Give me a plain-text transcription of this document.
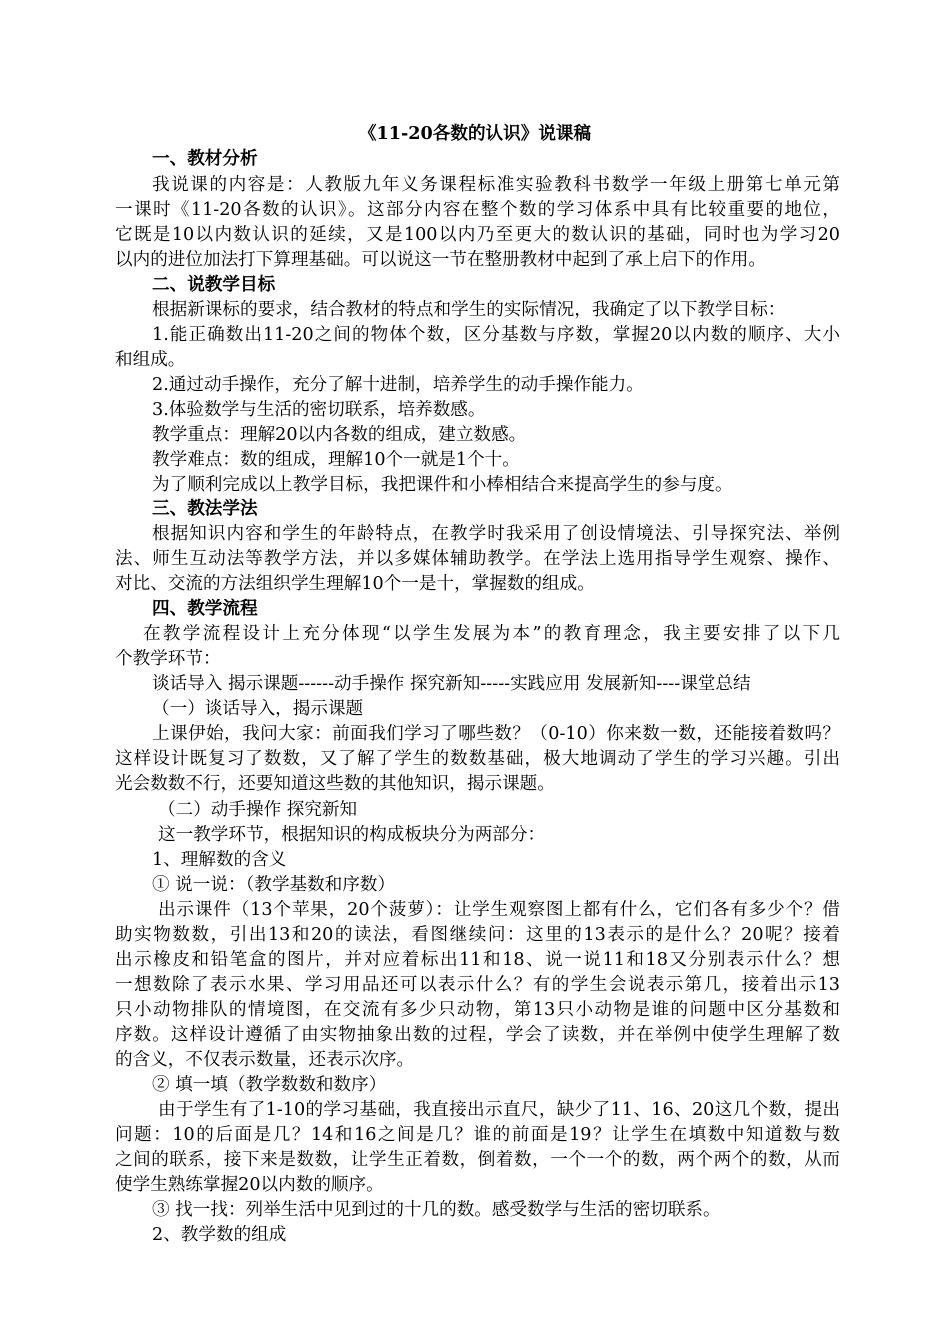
《11-20各数的认识》说课稿
一、教材分析
我说课的内容是：人教版九年义务课程标准实验教科书数学一年级上册第七单元第
一课时《11-20各数的认识》。这部分内容在整个数的学习体系中具有比较重要的地位，
它既是10以内数认识的延续，又是100以内乃至更大的数认识的基础，同时也为学习20
以内的进位加法打下算理基础。可以说这一节在整册教材中起到了承上启下的作用。
二、说教学目标
根据新课标的要求，结合教材的特点和学生的实际情况，我确定了以下教学目标：
1.能正确数出11-20之间的物体个数，区分基数与序数，掌握20以内数的顺序、大小
和组成。
2.通过动手操作，充分了解十进制，培养学生的动手操作能力。
3.体验数学与生活的密切联系，培养数感。
教学重点：理解20以内各数的组成，建立数感。
教学难点：数的组成，理解10个一就是1个十。
为了顺利完成以上教学目标，我把课件和小棒相结合来提高学生的参与度。
三、教法学法
根据知识内容和学生的年龄特点，在教学时我采用了创设情境法、引导探究法、举例
法、师生互动法等教学方法，并以多媒体辅助教学。在学法上选用指导学生观察、操作、
对比、交流的方法组织学生理解10个一是十，掌握数的组成。
四、教学流程
在教学流程设计上充分体现“以学生发展为本”的教育理念，我主要安排了以下几
个教学环节：
谈话导入 揭示课题------动手操作 探究新知-----实践应用 发展新知----课堂总结
（一）谈话导入，揭示课题
上课伊始，我问大家：前面我们学习了哪些数？（0-10）你来数一数，还能接着数吗？
这样设计既复习了数数，又了解了学生的数数基础，极大地调动了学生的学习兴趣。引出
光会数数不行，还要知道这些数的其他知识，揭示课题。
（二）动手操作 探究新知
这一教学环节，根据知识的构成板块分为两部分：
1、理解数的含义
① 说一说：（教学基数和序数）
出示课件（13个苹果，20个菠萝）：让学生观察图上都有什么，它们各有多少个？借
助实物数数，引出13和20的读法，看图继续问：这里的13表示的是什么？20呢？接着
出示橡皮和铅笔盒的图片，并对应着标出11和18、说一说11和18又分别表示什么？想
一想数除了表示水果、学习用品还可以表示什么？有的学生会说表示第几，接着出示13
只小动物排队的情境图，在交流有多少只动物，第13只小动物是谁的问题中区分基数和
序数。这样设计遵循了由实物抽象出数的过程，学会了读数，并在举例中使学生理解了数
的含义，不仅表示数量，还表示次序。
② 填一填（教学数数和数序）
由于学生有了1-10的学习基础，我直接出示直尺，缺少了11、16、20这几个数，提出
问题：10的后面是几？14和16之间是几？谁的前面是19？让学生在填数中知道数与数
之间的联系，接下来是数数，让学生正着数，倒着数，一个一个的数，两个两个的数，从而
使学生熟练掌握20以内数的顺序。
③ 找一找：列举生活中见到过的十几的数。感受数学与生活的密切联系。
2、教学数的组成
